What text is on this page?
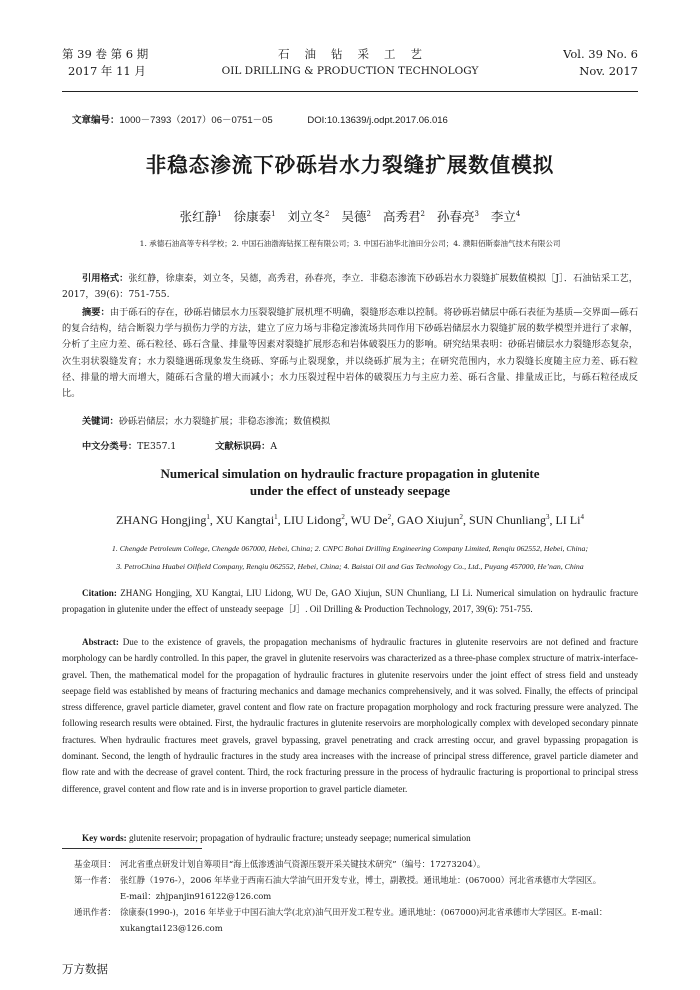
第 39 卷 第 6 期
2017 年 11 月
石油钻采工艺
OIL DRILLING & PRODUCTION TECHNOLOGY
Vol. 39 No. 6
Nov. 2017
文章编号：1000－7393（2017）06－0751－05	DOI:10.13639/j.odpt.2017.06.016
非稳态渗流下砂砾岩水力裂缝扩展数值模拟
张红静$^1$ 徐康泰$^1$ 刘立冬$^2$ 吴德$^2$ 高秀君$^2$ 孙春亮$^3$ 李立$^4$
1. 承德石油高等专科学校；2. 中国石油渤海钻探工程有限公司；3. 中国石油华北油田分公司；4. 濮阳佰斯泰油气技术有限公司
引用格式：张红静，徐康泰，刘立冬，吴德，高秀君，孙春亮，李立．非稳态渗流下砂砾岩水力裂缝扩展数值模拟［J］．石油钻采工艺，2017，39(6)：751-755.
摘要：由于砾石的存在，砂砾岩储层水力压裂裂缝扩展机理不明确，裂缝形态难以控制。将砂砾岩储层中砾石表征为基质—交界面—砾石的复合结构，结合断裂力学与损伤力学的方法，建立了应力场与非稳定渗流场共同作用下砂砾岩储层水力裂缝扩展的数学模型并进行了求解，分析了主应力差、砾石粒径、砾石含量、排量等因素对裂缝扩展形态和岩体破裂压力的影响。研究结果表明：砂砾岩储层水力裂缝形态复杂，次生羽状裂缝发育；水力裂缝遇砾现象发生绕砾、穿砾与止裂现象，并以绕砾扩展为主；在研究范围内，水力裂缝长度随主应力差、砾石粒径、排量的增大而增大，随砾石含量的增大而减小；水力压裂过程中岩体的破裂压力与主应力差、砾石含量、排量成正比，与砾石粒径成反比。
关键词：砂砾岩储层；水力裂缝扩展；非稳态渗流；数值模拟
中文分类号：TE357.1	文献标识码：A
Numerical simulation on hydraulic fracture propagation in glutenite
under the effect of unsteady seepage
ZHANG Hongjing$^1$, XU Kangtai$^1$, LIU Lidong$^2$, WU De$^2$, GAO Xiujun$^2$, SUN Chunliang$^3$, LI Li$^4$
1. Chengde Petroleum College, Chengde 067000, Hebei, China; 2. CNPC Bohai Drilling Engineering Company Limited, Renqiu 062552, Hebei, China;
3. PetroChina Huabei Oilfield Company, Renqiu 062552, Hebei, China; 4. Baistai Oil and Gas Technology Co., Ltd., Puyang 457000, He’nan, China
Citation: ZHANG Hongjing, XU Kangtai, LIU Lidong, WU De, GAO Xiujun, SUN Chunliang, LI Li. Numerical simulation on hydraulic fracture propagation in glutenite under the effect of unsteady seepage［J］. Oil Drilling & Production Technology, 2017, 39(6): 751-755.
Abstract: Due to the existence of gravels, the propagation mechanisms of hydraulic fractures in glutenite reservoirs are not defined and fracture morphology can be hardly controlled. In this paper, the gravel in glutenite reservoirs was characterized as a three-phase complex structure of matrix-interface-gravel. Then, the mathematical model for the propagation of hydraulic fractures in glutenite reservoirs under the joint effect of stress field and unsteady seepage field was established by means of fracturing mechanics and damage mechanics comprehensively, and it was solved. Finally, the effects of principal stress difference, gravel particle diameter, gravel content and flow rate on fracture propagation morphology and rock fracturing pressure were analyzed. The following research results were obtained. First, the hydraulic fractures in glutenite reservoirs are morphologically complex with developed secondary pinnate fractures. When hydraulic fractures meet gravels, gravel bypassing, gravel penetrating and crack arresting occur, and gravel bypassing propagation is dominant. Second, the length of hydraulic fractures in the study area increases with the increase of principal stress difference, gravel particle diameter and flow rate and with the decrease of gravel content. Third, the rock fracturing pressure in the process of hydraulic fracturing is proportional to principal stress difference, gravel content and flow rate and is in inverse proportion to gravel particle diameter.
Key words: glutenite reservoir; propagation of hydraulic fracture; unsteady seepage; numerical simulation
基金项目： 河北省重点研发计划自筹项目“海上低渗透油气资源压裂开采关键技术研究”（编号：17273204）。
第一作者： 张红静（1976-），2006 年毕业于西南石油大学油气田开发专业，博士，副教授。通讯地址：(067000）河北省承德市大学园区。
E-mail：zhjpanjin916122@126.com
通讯作者： 徐康泰(1990-)，2016 年毕业于中国石油大学(北京)油气田开发工程专业。通讯地址：(067000)河北省承德市大学园区。E-mail：
xukangtai123@126.com
万方数据
